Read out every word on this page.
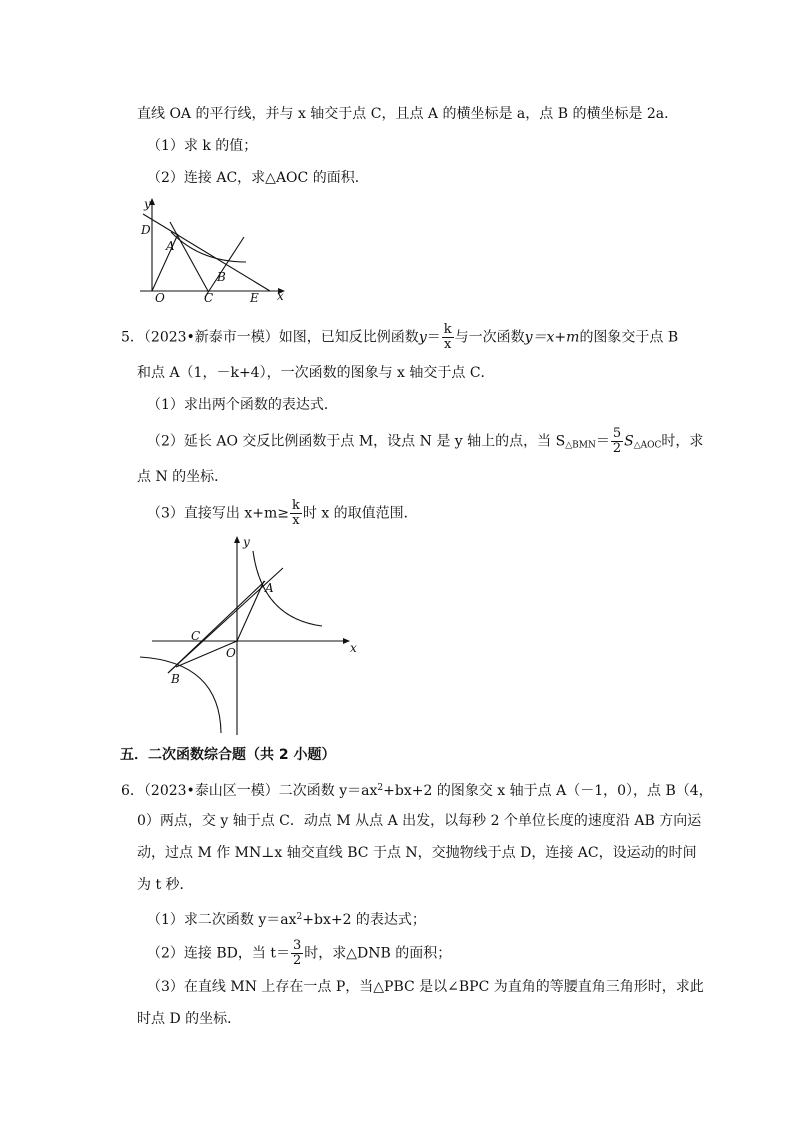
直线 OA 的平行线，并与 x 轴交于点 C，且点 A 的横坐标是 a，点 B 的横坐标是 2a．
（1）求 k 的值；
（2）连接 AC，求△AOC 的面积．
y
D
A
B
O	C	E x
5．（2023•新泰市一模）如图，已知反比例函数$y= \frac{k}{x}$ 与一次函数y＝x+m的图象交于点 B
和点 A（1，－k+4），一次函数的图象与 x 轴交于点 C．
（1）求出两个函数的表达式．
（2）延长 AO 交反比例函数于点 M，设点 N 是 y 轴上的点，当 $S_{\triangle BMN}= \frac{5}{2} S_{\triangle AOC}$时，求
点 N 的坐标．
（3）直接写出 $x+m\ge \frac{k}{x}$ 时 x 的取值范围．
y
A
C
O	x
B
五．二次函数综合题（共 2 小题）
6．（2023•泰山区一模）二次函数 $y=ax^2+bx+2$ 的图象交 x 轴于点 A（－1，0），点 B（4，
0）两点，交 y 轴于点 C．动点 M 从点 A 出发，以每秒 2 个单位长度的速度沿 AB 方向运
动，过点 M 作 MN⊥x 轴交直线 BC 于点 N，交抛物线于点 D，连接 AC，设运动的时间
为 t 秒．
（1）求二次函数 $y=ax^2+bx+2$ 的表达式；
（2）连接 BD，当 $t= \frac{3}{2}$ 时，求△DNB 的面积；
（3）在直线 MN 上存在一点 P，当△PBC 是以∠BPC 为直角的等腰直角三角形时，求此
时点 D 的坐标．
